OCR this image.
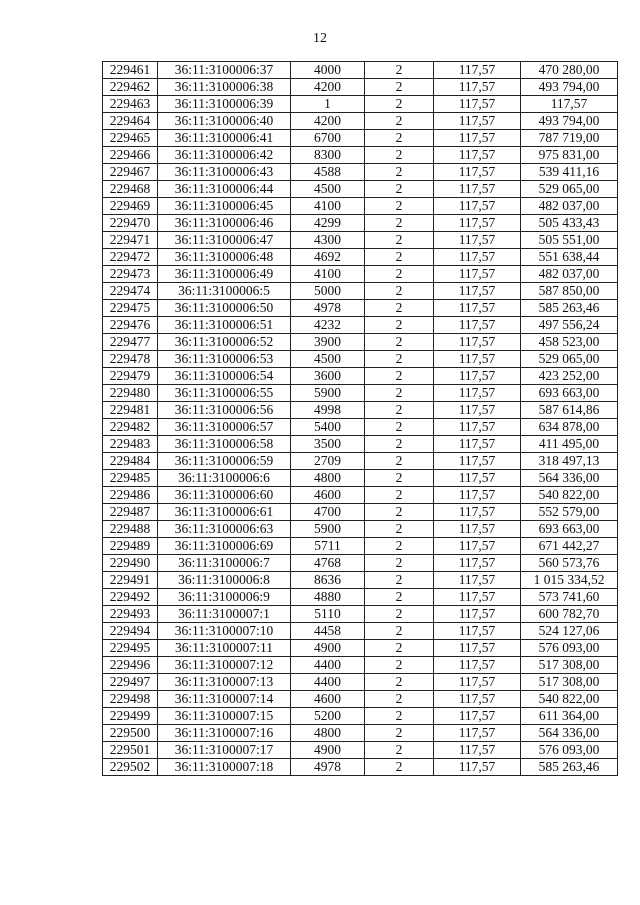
12
229461	36:11:3100006:37	4000	2	117,57	470 280,00
229462	36:11:3100006:38	4200	2	117,57	493 794,00
229463	36:11:3100006:39	1	2	117,57	117,57
229464	36:11:3100006:40	4200	2	117,57	493 794,00
229465	36:11:3100006:41	6700	2	117,57	787 719,00
229466	36:11:3100006:42	8300	2	117,57	975 831,00
229467	36:11:3100006:43	4588	2	117,57	539 411,16
229468	36:11:3100006:44	4500	2	117,57	529 065,00
229469	36:11:3100006:45	4100	2	117,57	482 037,00
229470	36:11:3100006:46	4299	2	117,57	505 433,43
229471	36:11:3100006:47	4300	2	117,57	505 551,00
229472	36:11:3100006:48	4692	2	117,57	551 638,44
229473	36:11:3100006:49	4100	2	117,57	482 037,00
229474	36:11:3100006:5	5000	2	117,57	587 850,00
229475	36:11:3100006:50	4978	2	117,57	585 263,46
229476	36:11:3100006:51	4232	2	117,57	497 556,24
229477	36:11:3100006:52	3900	2	117,57	458 523,00
229478	36:11:3100006:53	4500	2	117,57	529 065,00
229479	36:11:3100006:54	3600	2	117,57	423 252,00
229480	36:11:3100006:55	5900	2	117,57	693 663,00
229481	36:11:3100006:56	4998	2	117,57	587 614,86
229482	36:11:3100006:57	5400	2	117,57	634 878,00
229483	36:11:3100006:58	3500	2	117,57	411 495,00
229484	36:11:3100006:59	2709	2	117,57	318 497,13
229485	36:11:3100006:6	4800	2	117,57	564 336,00
229486	36:11:3100006:60	4600	2	117,57	540 822,00
229487	36:11:3100006:61	4700	2	117,57	552 579,00
229488	36:11:3100006:63	5900	2	117,57	693 663,00
229489	36:11:3100006:69	5711	2	117,57	671 442,27
229490	36:11:3100006:7	4768	2	117,57	560 573,76
229491	36:11:3100006:8	8636	2	117,57	1 015 334,52
229492	36:11:3100006:9	4880	2	117,57	573 741,60
229493	36:11:3100007:1	5110	2	117,57	600 782,70
229494	36:11:3100007:10	4458	2	117,57	524 127,06
229495	36:11:3100007:11	4900	2	117,57	576 093,00
229496	36:11:3100007:12	4400	2	117,57	517 308,00
229497	36:11:3100007:13	4400	2	117,57	517 308,00
229498	36:11:3100007:14	4600	2	117,57	540 822,00
229499	36:11:3100007:15	5200	2	117,57	611 364,00
229500	36:11:3100007:16	4800	2	117,57	564 336,00
229501	36:11:3100007:17	4900	2	117,57	576 093,00
229502	36:11:3100007:18	4978	2	117,57	585 263,46
